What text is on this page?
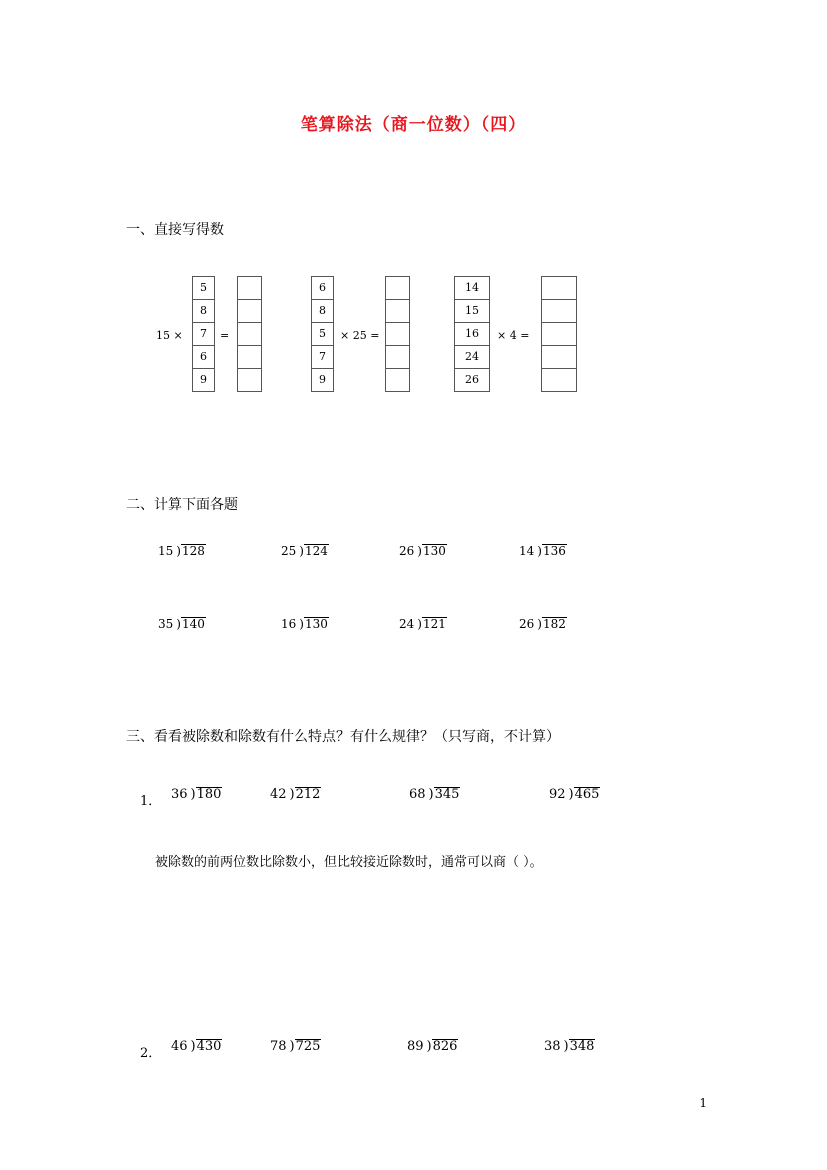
笔算除法（商一位数）（四）
一、直接写得数
15 ×
5
8
7
6
9
=
6
8
5
7
9
× 25 =
14
15
16
24
26
× 4 =
二、计算下面各题
15 )128	25 )124	26 )130	14 )136
35 )140	16 )130	24 )121	26 )182
三、看看被除数和除数有什么特点？有什么规律？（只写商，不计算）
1． 36 )180	42 )212	68 )345	92 )465
被除数的前两位数比除数小，但比较接近除数时，通常可以商（ ）。
2． 46 )430	78 )725	89 )826	38 )348
1
